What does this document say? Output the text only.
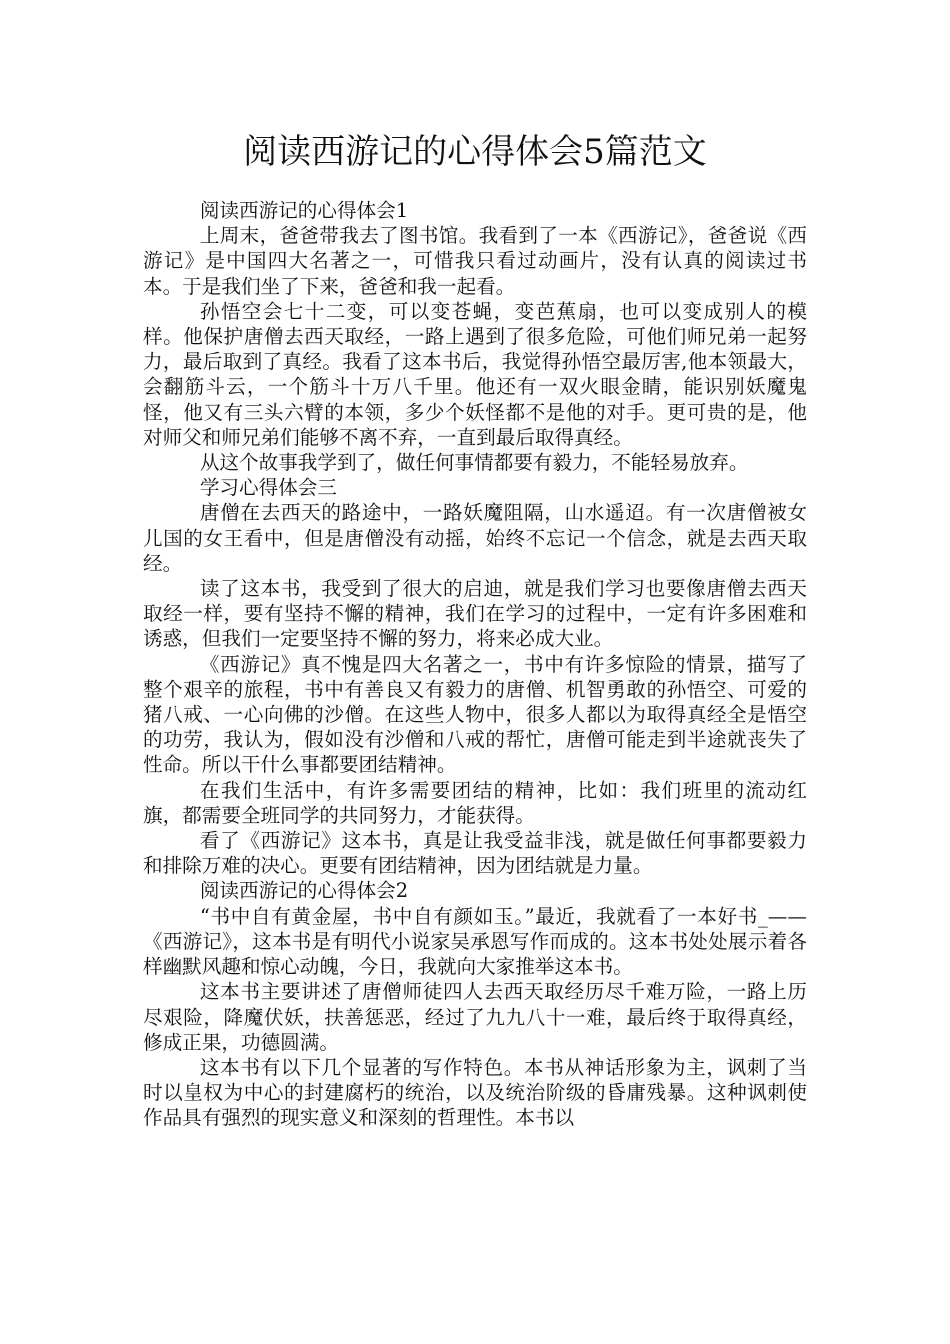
阅读西游记的心得体会5篇范文

阅读西游记的心得体会1

上周末，爸爸带我去了图书馆。我看到了一本《西游记》，爸爸说《西游记》是中国四大名著之一，可惜我只看过动画片，没有认真的阅读过书本。于是我们坐了下来，爸爸和我一起看。

孙悟空会七十二变，可以变苍蝇，变芭蕉扇，也可以变成别人的模样。他保护唐僧去西天取经，一路上遇到了很多危险，可他们师兄弟一起努力，最后取到了真经。我看了这本书后，我觉得孙悟空最厉害,他本领最大，会翻筋斗云，一个筋斗十万八千里。他还有一双火眼金睛，能识别妖魔鬼怪，他又有三头六臂的本领，多少个妖怪都不是他的对手。更可贵的是，他对师父和师兄弟们能够不离不弃，一直到最后取得真经。

从这个故事我学到了，做任何事情都要有毅力，不能轻易放弃。

学习心得体会三

唐僧在去西天的路途中，一路妖魔阻隔，山水遥迢。有一次唐僧被女儿国的女王看中，但是唐僧没有动摇，始终不忘记一个信念，就是去西天取经。

读了这本书，我受到了很大的启迪，就是我们学习也要像唐僧去西天取经一样，要有坚持不懈的精神，我们在学习的过程中，一定有许多困难和诱惑，但我们一定要坚持不懈的努力，将来必成大业。

《西游记》真不愧是四大名著之一，书中有许多惊险的情景，描写了整个艰辛的旅程，书中有善良又有毅力的唐僧、机智勇敢的孙悟空、可爱的猪八戒、一心向佛的沙僧。在这些人物中，很多人都以为取得真经全是悟空的功劳，我认为，假如没有沙僧和八戒的帮忙，唐僧可能走到半途就丧失了性命。所以干什么事都要团结精神。

在我们生活中，有许多需要团结的精神，比如：我们班里的流动红旗，都需要全班同学的共同努力，才能获得。

看了《西游记》这本书，真是让我受益非浅，就是做任何事都要毅力和排除万难的决心。更要有团结精神，因为团结就是力量。

阅读西游记的心得体会2

“书中自有黄金屋，书中自有颜如玉。”最近，我就看了一本好书_——《西游记》，这本书是有明代小说家吴承恩写作而成的。这本书处处展示着各样幽默风趣和惊心动魄，今日，我就向大家推举这本书。

这本书主要讲述了唐僧师徒四人去西天取经历尽千难万险，一路上历尽艰险，降魔伏妖，扶善惩恶，经过了九九八十一难，最后终于取得真经，修成正果，功德圆满。

这本书有以下几个显著的写作特色。本书从神话形象为主，讽刺了当时以皇权为中心的封建腐朽的统治，以及统治阶级的昏庸残暴。这种讽刺使作品具有强烈的现实意义和深刻的哲理性。本书以
